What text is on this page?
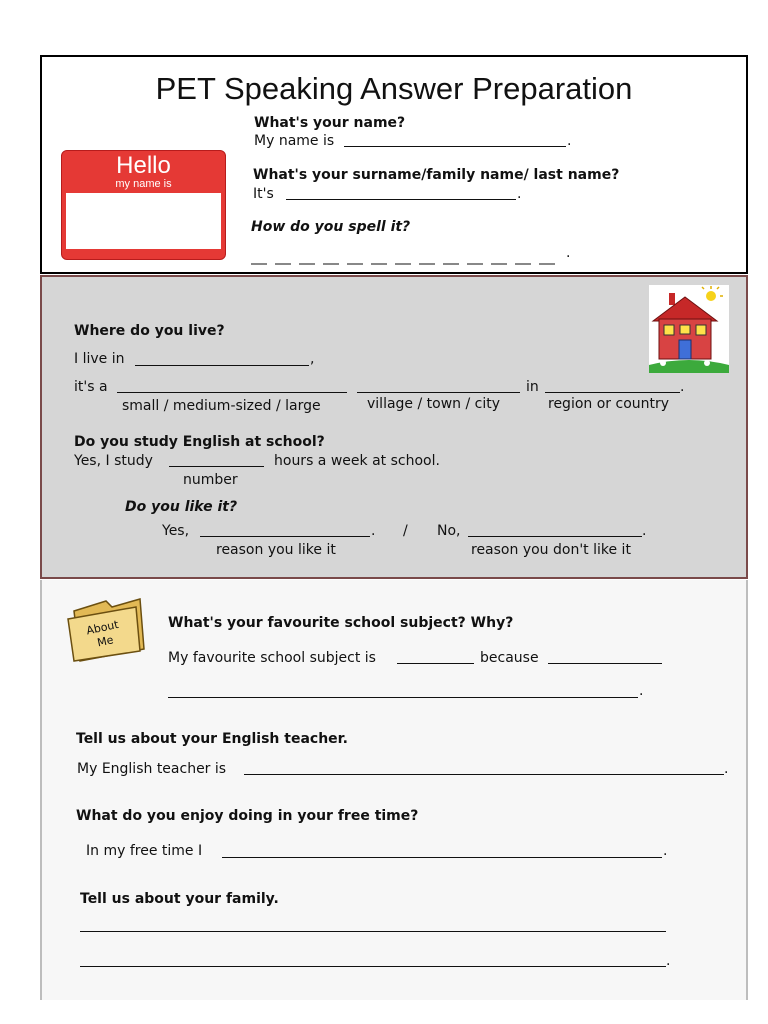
PET Speaking Answer Preparation
Hello
my name is
What's your name?
My name is	.
What's your surname/family name/ last name?
It's	.
How do you spell it?
.
Where do you live?
I live in	,
it's a	in	.
small / medium-sized / large	village / town / city	region or country
Do you study English at school?
Yes, I study	hours a week at school.
number
Do you like it?
Yes,	. / No,	.
reason you like it	reason you don't like it
About Me
What's your favourite school subject? Why?
My favourite school subject is	because
.
Tell us about your English teacher.
My English teacher is	.
What do you enjoy doing in your free time?
In my free time I	.
Tell us about your family.
.
